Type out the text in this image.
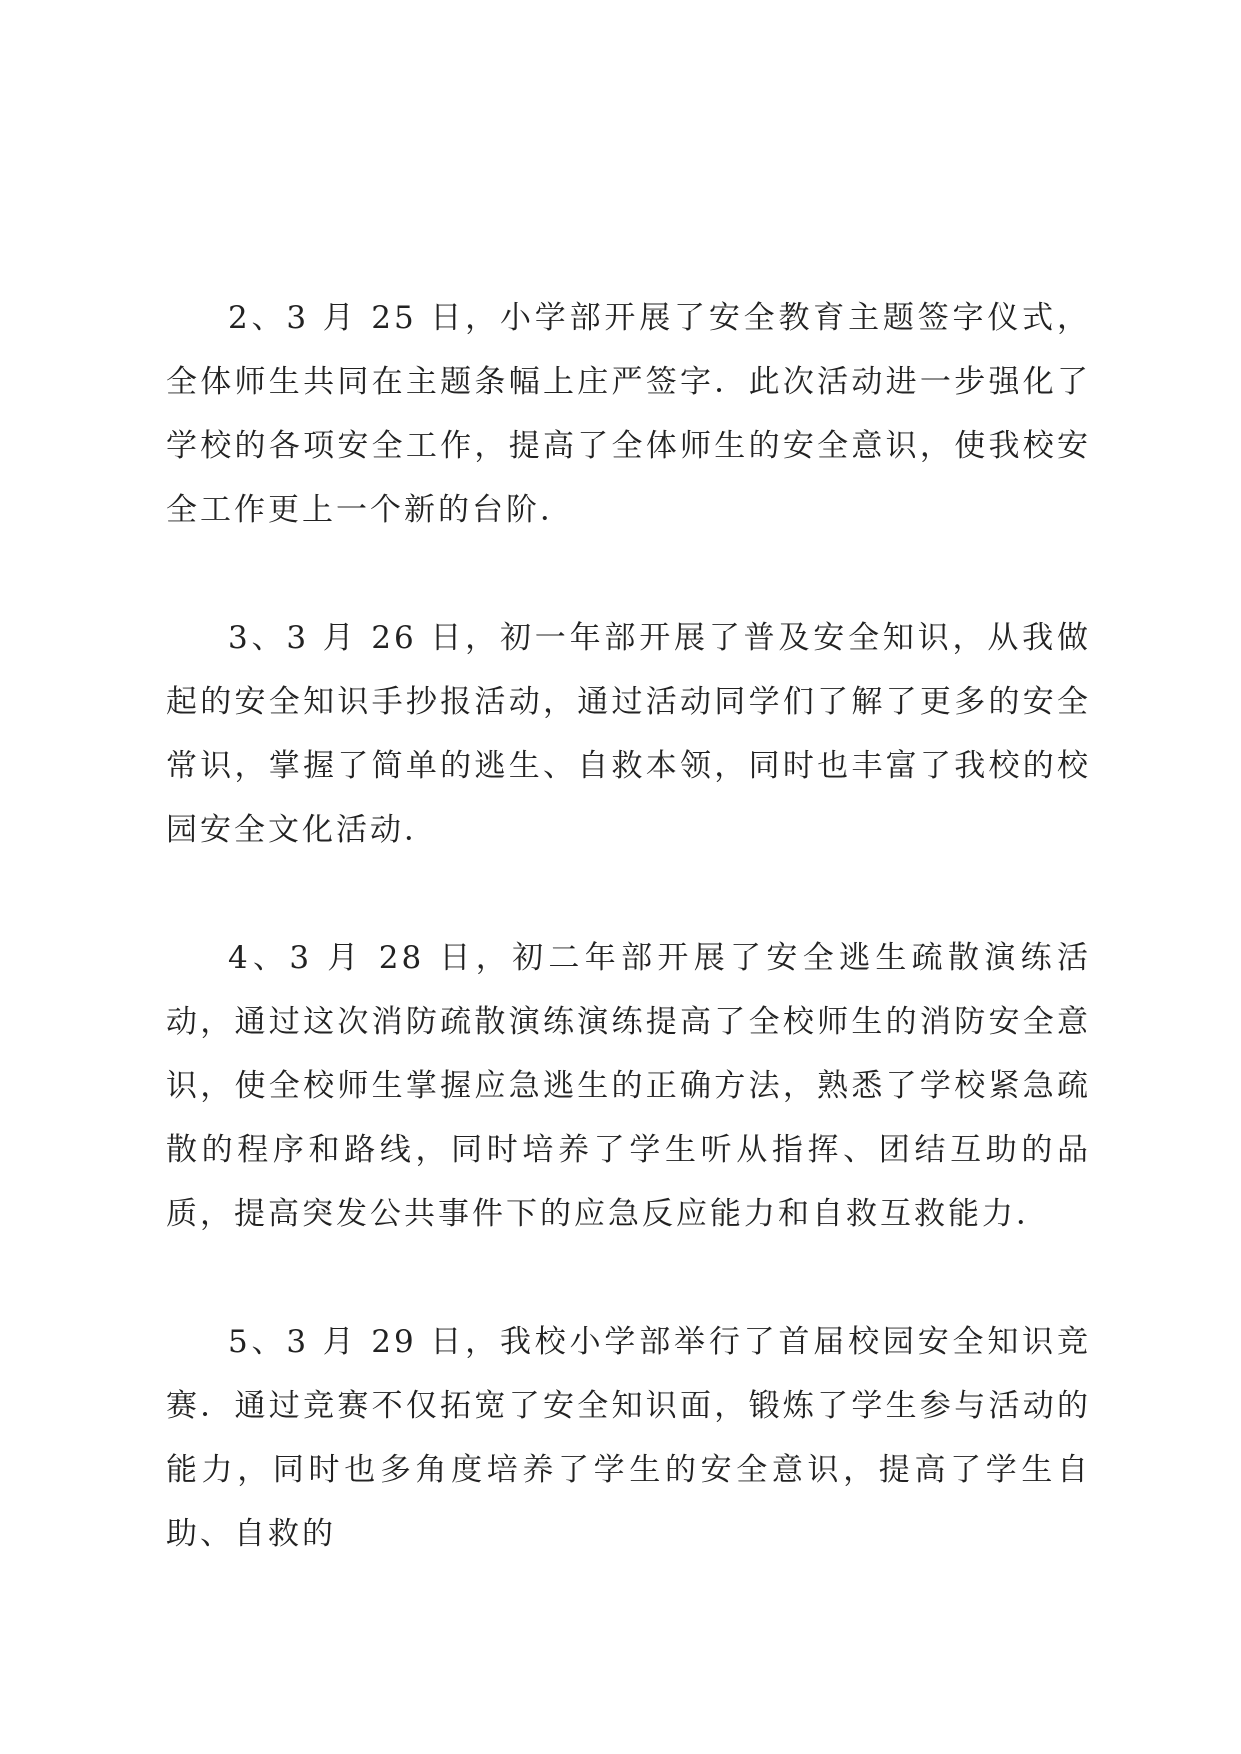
2、3 月 25 日，小学部开展了安全教育主题签字仪式，全体师生共同在主题条幅上庄严签字．此次活动进一步强化了学校的各项安全工作，提高了全体师生的安全意识，使我校安全工作更上一个新的台阶．

3、3 月 26 日，初一年部开展了普及安全知识，从我做起的安全知识手抄报活动，通过活动同学们了解了更多的安全常识，掌握了简单的逃生、自救本领，同时也丰富了我校的校园安全文化活动．

4、3 月 28 日，初二年部开展了安全逃生疏散演练活动，通过这次消防疏散演练演练提高了全校师生的消防安全意识，使全校师生掌握应急逃生的正确方法，熟悉了学校紧急疏散的程序和路线，同时培养了学生听从指挥、团结互助的品质，提高突发公共事件下的应急反应能力和自救互救能力．

5、3 月 29 日，我校小学部举行了首届校园安全知识竞赛．通过竞赛不仅拓宽了安全知识面，锻炼了学生参与活动的能力，同时也多角度培养了学生的安全意识，提高了学生自助、自救的
